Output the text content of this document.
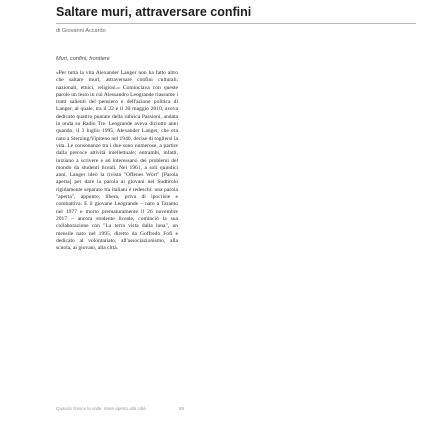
Saltare muri, attraversare confini
di Giovanni Accardo
Muri, confini, frontiere

«Per tutta la vita Alexander Langer non ha fatto altro che saltare muri, attraversare confini culturali, nazionali, etnici, religiosi.» Cominciava con queste parole un testo in cui Alessandro Leogrande riassume i tratti salienti del pensiero e dell'azione politica di Langer, al quale, tra il 22 e il 30 maggio 2010, aveva dedicato quattro puntate della rubrica Passioni, andata in onda su Radio Tre. Leogrande aveva diciotto anni quando, il 3 luglio 1995, Alexander Langer, che era nato a Sterzing/Vipiteno nel 1946, decise di togliersi la vita. Le consonanze tra i due sono numerose, a partire dalla precoce attività intellettuale; entrambi, infatti, iniziano a scrivere e ad interessarsi dei problemi del mondo da studenti liceali. Nel 1961, a soli quindici anni, Langer ideò la rivista "Offenes Wort" [Parola aperta] per dare la parola ai giovani nel Sudtirolo rigidamente separato tra italiani e tedeschi: una parola "aperta", appunto, libera, priva di ipocrisie e combattiva. E il giovane Leogrande – nato a Taranto nel 1977 e morto prematuramente il 26 novembre 2017 – ancora studente liceale, cominciò la sua collaborazione con "La terra vista dalla luna", un mensile nato nel 1995, diretto da Goffredo Fofi e dedicato al volontariato, all'associazionismo, alla scuola, ai giovani, alla città.

Quando finisce la valle, mare aperto alla città	89
